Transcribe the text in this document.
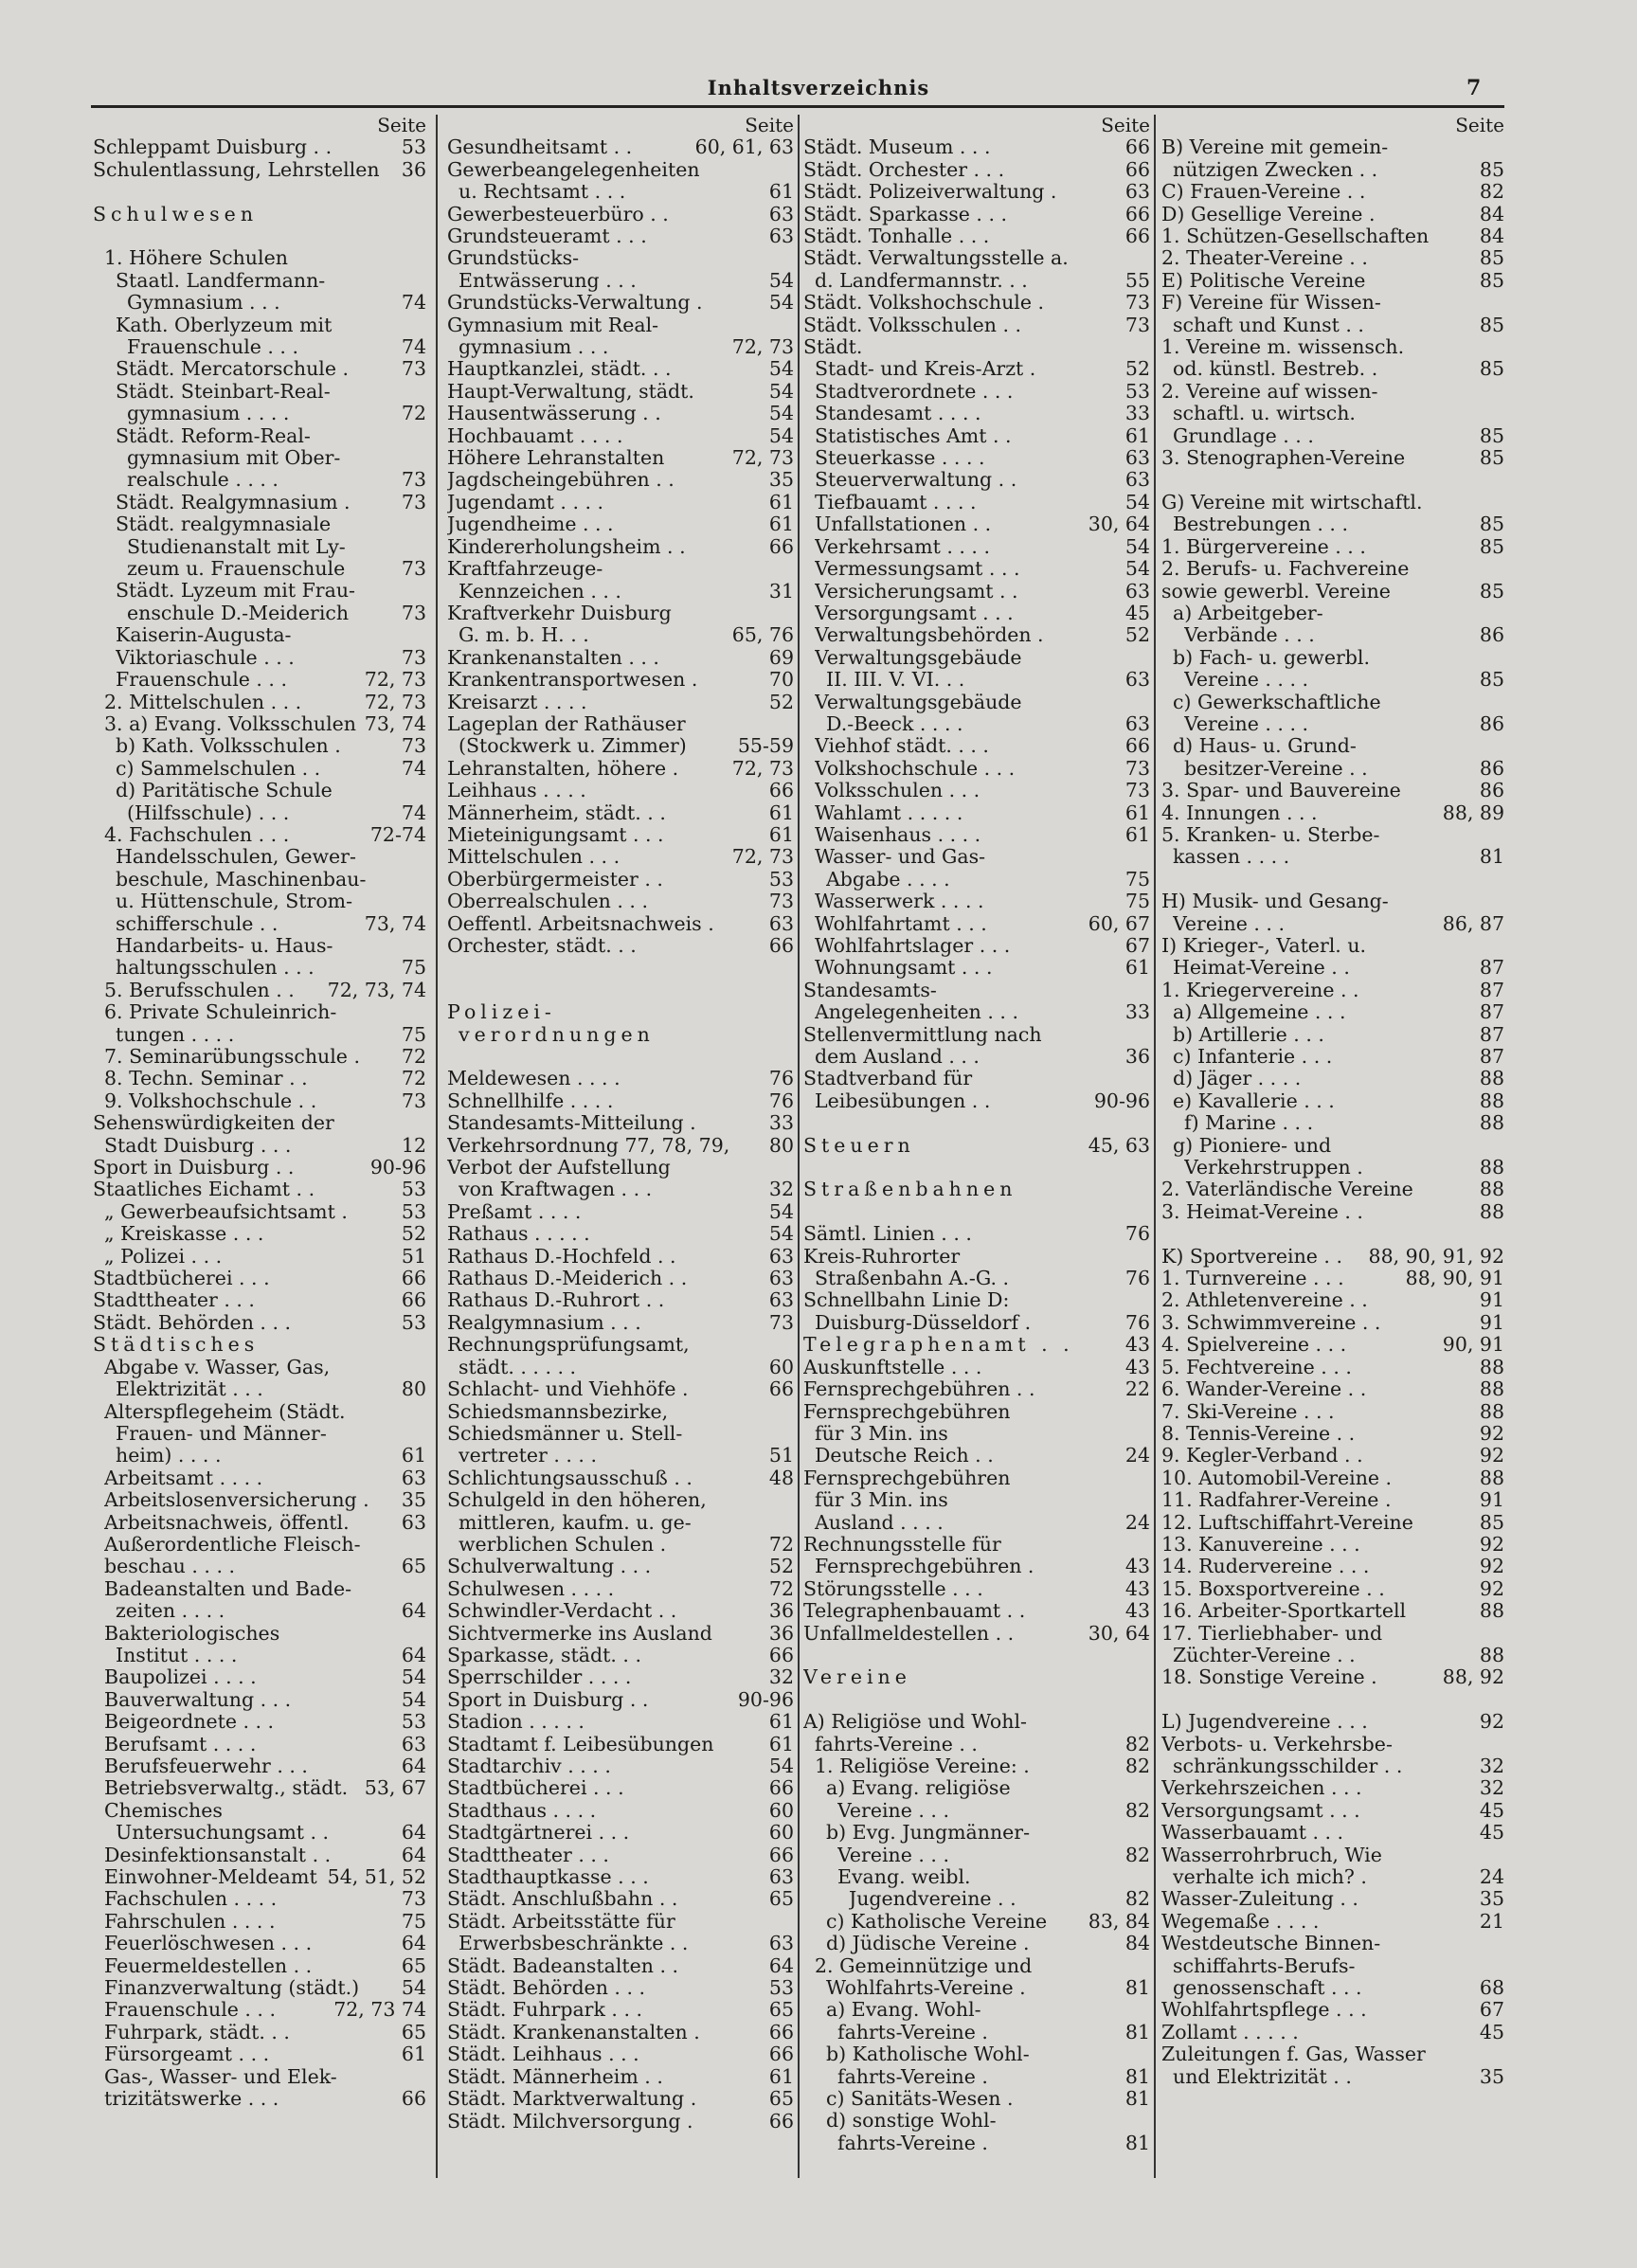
Inhaltsverzeichnis	7
Seite
Schleppamt Duisburg . .	53
Schulentlassung, Lehrstellen	36
Schulwesen
1. Höhere Schulen
Staatl. Landfermann-
Gymnasium . . .	74
Kath. Oberlyzeum mit
Frauenschule . . .	74
Städt. Mercatorschule .	73
Städt. Steinbart-Real-
gymnasium . . . .	72
Städt. Reform-Real-
gymnasium mit Ober-
realschule . . . .	73
Städt. Realgymnasium .	73
Städt. realgymnasiale
Studienanstalt mit Ly-
zeum u. Frauenschule	73
Städt. Lyzeum mit Frau-
enschule D.-Meiderich	73
Kaiserin-Augusta-
Viktoriaschule . . .	73
Frauenschule . . .	72, 73
2. Mittelschulen . . .	72, 73
3. a) Evang. Volksschulen 73, 74
b) Kath. Volksschulen .	73
c) Sammelschulen . .	74
d) Paritätische Schule
(Hilfsschule) . . .	74
4. Fachschulen . . .	72-74
Handelsschulen, Gewer-
beschule, Maschinenbau-
u. Hüttenschule, Strom-
schifferschule . .	73, 74
Handarbeits- u. Haus-
haltungsschulen . . .	75
5. Berufsschulen . .	72, 73, 74
6. Private Schuleinrich-
tungen . . . .	75
7. Seminarübungsschule .	72
8. Techn. Seminar . .	72
9. Volkshochschule . .	73
Sehenswürdigkeiten der
Stadt Duisburg . . .	12
Sport in Duisburg . .	90-96
Staatliches Eichamt . .	53
„ Gewerbeaufsichtsamt .	53
„ Kreiskasse . . .	52
„ Polizei . . .	51
Stadtbücherei . . .	66
Stadttheater . . .	66
Städt. Behörden . . .	53
Städtisches
Abgabe v. Wasser, Gas,
Elektrizität . . .	80
Alterspflegeheim (Städt.
Frauen- und Männer-
heim) . . . .	61
Arbeitsamt . . . .	63
Arbeitslosenversicherung .	35
Arbeitsnachweis, öffentl.	63
Außerordentliche Fleisch-
beschau . . . .	65
Badeanstalten und Bade-
zeiten . . . .	64
Bakteriologisches
Institut . . . .	64
Baupolizei . . . .	54
Bauverwaltung . . .	54
Beigeordnete . . .	53
Berufsamt . . . .	63
Berufsfeuerwehr . . .	64
Betriebsverwaltg., städt. 53, 67
Chemisches
Untersuchungsamt . .	64
Desinfektionsanstalt . .	64
Einwohner-Meldeamt 54, 51, 52
Fachschulen . . . .	73
Fahrschulen . . . .	75
Feuerlöschwesen . . .	64
Feuermeldestellen . .	65
Finanzverwaltung (städt.)	54
Frauenschule . . .	72, 73 74
Fuhrpark, städt. . .	65
Fürsorgeamt . . .	61
Gas-, Wasser- und Elek-
trizitätswerke . . .	66
Seite
Gesundheitsamt . .	60, 61, 63
Gewerbeangelegenheiten
u. Rechtsamt . . .	61
Gewerbesteuerbüro . .	63
Grundsteueramt . . .	63
Grundstücks-
Entwässerung . . .	54
Grundstücks-Verwaltung .	54
Gymnasium mit Real-
gymnasium . . .	72, 73
Hauptkanzlei, städt. . .	54
Haupt-Verwaltung, städt.	54
Hausentwässerung . .	54
Hochbauamt . . . .	54
Höhere Lehranstalten	72, 73
Jagdscheingebühren . .	35
Jugendamt . . . .	61
Jugendheime . . .	61
Kindererholungsheim . .	66
Kraftfahrzeuge-
Kennzeichen . . .	31
Kraftverkehr Duisburg
G. m. b. H. . .	65, 76
Krankenanstalten . . .	69
Krankentransportwesen .	70
Kreisarzt . . . .	52
Lageplan der Rathäuser
(Stockwerk u. Zimmer)	55-59
Lehranstalten, höhere .	72, 73
Leihhaus . . . .	66
Männerheim, städt. . .	61
Mieteinigungsamt . . .	61
Mittelschulen . . .	72, 73
Oberbürgermeister . .	53
Oberrealschulen . . .	73
Oeffentl. Arbeitsnachweis .	63
Orchester, städt. . .	66
Polizei-
verordnungen
Meldewesen . . . .	76
Schnellhilfe . . . .	76
Standesamts-Mitteilung .	33
Verkehrsordnung 77, 78, 79,	80
Verbot der Aufstellung
von Kraftwagen . . .	32
Preßamt . . . .	54
Rathaus . . . . .	54
Rathaus D.-Hochfeld . .	63
Rathaus D.-Meiderich . .	63
Rathaus D.-Ruhrort . .	63
Realgymnasium . . .	73
Rechnungsprüfungsamt,
städt. . . . . .	60
Schlacht- und Viehhöfe .	66
Schiedsmannsbezirke,
Schiedsmänner u. Stell-
vertreter . . . .	51
Schlichtungsausschuß . .	48
Schulgeld in den höheren,
mittleren, kaufm. u. ge-
werblichen Schulen .	72
Schulverwaltung . . .	52
Schulwesen . . . .	72
Schwindler-Verdacht . .	36
Sichtvermerke ins Ausland	36
Sparkasse, städt. . .	66
Sperrschilder . . . .	32
Sport in Duisburg . .	90-96
Stadion . . . . .	61
Stadtamt f. Leibesübungen	61
Stadtarchiv . . . .	54
Stadtbücherei . . .	66
Stadthaus . . . .	60
Stadtgärtnerei . . .	60
Stadttheater . . .	66
Stadthauptkasse . . .	63
Städt. Anschlußbahn . .	65
Städt. Arbeitsstätte für
Erwerbsbeschränkte . .	63
Städt. Badeanstalten . .	64
Städt. Behörden . . .	53
Städt. Fuhrpark . . .	65
Städt. Krankenanstalten .	66
Städt. Leihhaus . . .	66
Städt. Männerheim . .	61
Städt. Marktverwaltung .	65
Städt. Milchversorgung .	66
Seite
Städt. Museum . . .	66
Städt. Orchester . . .	66
Städt. Polizeiverwaltung .	63
Städt. Sparkasse . . .	66
Städt. Tonhalle . . .	66
Städt. Verwaltungsstelle a.
d. Landfermannstr. . .	55
Städt. Volkshochschule .	73
Städt. Volksschulen . .	73
Städt.
Stadt- und Kreis-Arzt .	52
Stadtverordnete . . .	53
Standesamt . . . .	33
Statistisches Amt . .	61
Steuerkasse . . . .	63
Steuerverwaltung . .	63
Tiefbauamt . . . .	54
Unfallstationen . .	30, 64
Verkehrsamt . . . .	54
Vermessungsamt . . .	54
Versicherungsamt . .	63
Versorgungsamt . . .	45
Verwaltungsbehörden .	52
Verwaltungsgebäude
II. III. V. VI. . .	63
Verwaltungsgebäude
D.-Beeck . . . .	63
Viehhof städt. . . .	66
Volkshochschule . . .	73
Volksschulen . . .	73
Wahlamt . . . . .	61
Waisenhaus . . . .	61
Wasser- und Gas-
Abgabe . . . .	75
Wasserwerk . . . .	75
Wohlfahrtamt . . .	60, 67
Wohlfahrtslager . . .	67
Wohnungsamt . . .	61
Standesamts-
Angelegenheiten . . .	33
Stellenvermittlung nach
dem Ausland . . .	36
Stadtverband für
Leibesübungen . .	90-96
Steuern	45, 63
Straßenbahnen
Sämtl. Linien . . .	76
Kreis-Ruhrorter
Straßenbahn A.-G. .	76
Schnellbahn Linie D:
Duisburg-Düsseldorf .	76
Telegraphenamt . .	43
Auskunftstelle . . .	43
Fernsprechgebühren . .	22
Fernsprechgebühren
für 3 Min. ins
Deutsche Reich . .	24
Fernsprechgebühren
für 3 Min. ins
Ausland . . . .	24
Rechnungsstelle für
Fernsprechgebühren .	43
Störungsstelle . . .	43
Telegraphenbauamt . .	43
Unfallmeldestellen . .	30, 64
Vereine
A) Religiöse und Wohl-
fahrts-Vereine . .	82
1. Religiöse Vereine: .	82
a) Evang. religiöse
Vereine . . .	82
b) Evg. Jungmänner-
Vereine . . .	82
Evang. weibl.
Jugendvereine . .	82
c) Katholische Vereine	83, 84
d) Jüdische Vereine .	84
2. Gemeinnützige und
Wohlfahrts-Vereine .	81
a) Evang. Wohl-
fahrts-Vereine .	81
b) Katholische Wohl-
fahrts-Vereine .	81
c) Sanitäts-Wesen .	81
d) sonstige Wohl-
fahrts-Vereine .	81
Seite
B) Vereine mit gemein-
nützigen Zwecken . .	85
C) Frauen-Vereine . .	82
D) Gesellige Vereine .	84
1. Schützen-Gesellschaften	84
2. Theater-Vereine . .	85
E) Politische Vereine	85
F) Vereine für Wissen-
schaft und Kunst . .	85
1. Vereine m. wissensch.
od. künstl. Bestreb. .	85
2. Vereine auf wissen-
schaftl. u. wirtsch.
Grundlage . . .	85
3. Stenographen-Vereine	85
G) Vereine mit wirtschaftl.
Bestrebungen . . .	85
1. Bürgervereine . . .	85
2. Berufs- u. Fachvereine
sowie gewerbl. Vereine	85
a) Arbeitgeber-
Verbände . . .	86
b) Fach- u. gewerbl.
Vereine . . . .	85
c) Gewerkschaftliche
Vereine . . . .	86
d) Haus- u. Grund-
besitzer-Vereine . .	86
3. Spar- und Bauvereine	86
4. Innungen . . .	88, 89
5. Kranken- u. Sterbe-
kassen . . . .	81
H) Musik- und Gesang-
Vereine . . .	86, 87
I) Krieger-, Vaterl. u.
Heimat-Vereine . .	87
1. Kriegervereine . .	87
a) Allgemeine . . .	87
b) Artillerie . . .	87
c) Infanterie . . .	87
d) Jäger . . . .	88
e) Kavallerie . . .	88
f) Marine . . .	88
g) Pioniere- und
Verkehrstruppen .	88
2. Vaterländische Vereine	88
3. Heimat-Vereine . .	88
K) Sportvereine . .	88, 90, 91, 92
1. Turnvereine . . .	88, 90, 91
2. Athletenvereine . .	91
3. Schwimmvereine . .	91
4. Spielvereine . . .	90, 91
5. Fechtvereine . . .	88
6. Wander-Vereine . .	88
7. Ski-Vereine . . .	88
8. Tennis-Vereine . .	92
9. Kegler-Verband . .	92
10. Automobil-Vereine .	88
11. Radfahrer-Vereine .	91
12. Luftschiffahrt-Vereine	85
13. Kanuvereine . . .	92
14. Rudervereine . . .	92
15. Boxsportvereine . .	92
16. Arbeiter-Sportkartell	88
17. Tierliebhaber- und
Züchter-Vereine . .	88
18. Sonstige Vereine .	88, 92
L) Jugendvereine . . .	92
Verbots- u. Verkehrsbe-
schränkungsschilder . .	32
Verkehrszeichen . . .	32
Versorgungsamt . . .	45
Wasserbauamt . . .	45
Wasserrohrbruch, Wie
verhalte ich mich? .	24
Wasser-Zuleitung . .	35
Wegemaße . . . .	21
Westdeutsche Binnen-
schiffahrts-Berufs-
genossenschaft . . .	68
Wohlfahrtspflege . . .	67
Zollamt . . . . .	45
Zuleitungen f. Gas, Wasser
und Elektrizität . .	35
